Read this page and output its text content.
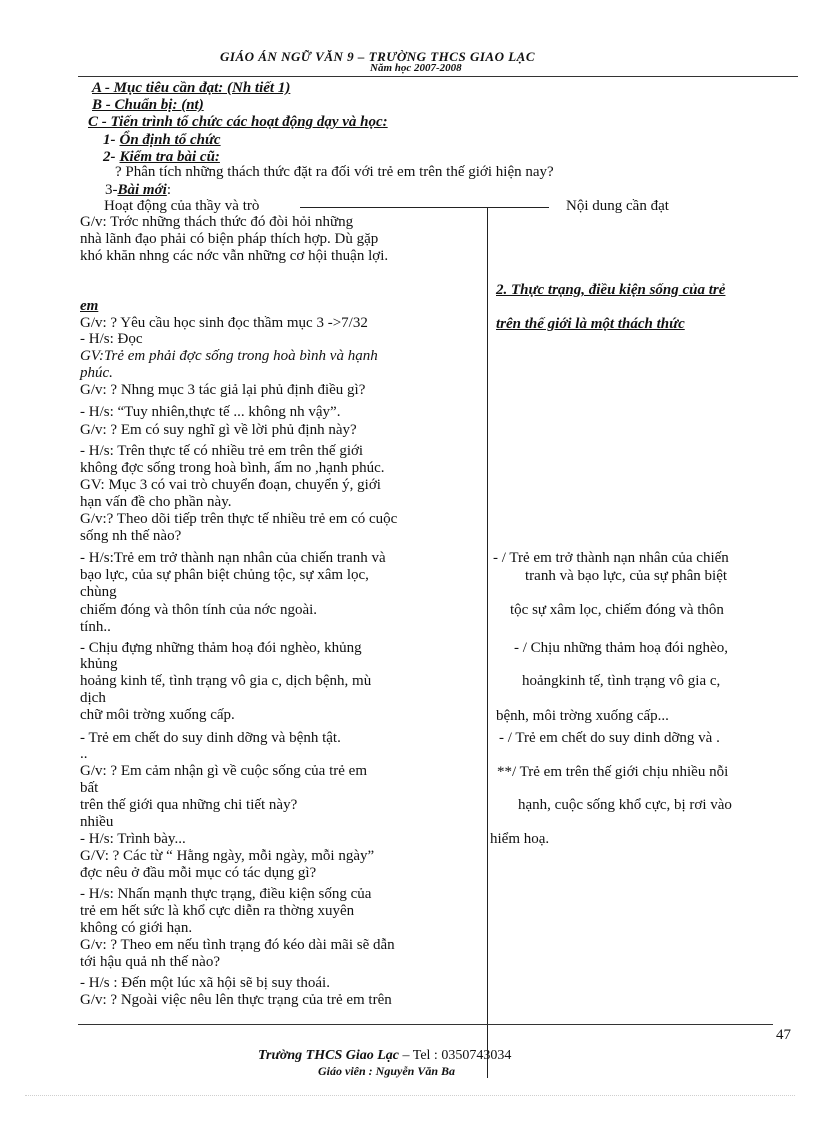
GIÁO ÁN NGỮ VĂN 9 – TRƯỜNG THCS GIAO LẠC
Năm học 2007-2008
A - Mục tiêu cần đạt: (Nh tiết 1)
B - Chuẩn bị: (nt)
C - Tiến trình tổ chức các hoạt động dạy và học:
1- Ổn định tổ chức
2- Kiểm tra bài cũ:
? Phân tích những thách thức đặt ra đối với trẻ em trên thế giới hiện nay?
3-Bài mới:
Hoạt động của thầy và trò	Nội dung cần đạt
G/v: Trớc những thách thức đó đòi hỏi những
nhà lãnh đạo phải có biện pháp thích hợp. Dù gặp
khó khăn nhng các nớc vẫn những cơ hội thuận lợi.
em
G/v: ? Yêu cầu học sinh đọc thầm mục 3 ->7/32
- H/s: Đọc
GV:Trẻ em phải đợc sống trong hoà bình và hạnh
phúc.
G/v: ? Nhng mục 3 tác giả lại phủ định điều gì?
- H/s: “Tuy nhiên,thực tế ... không nh vậy”.
G/v: ? Em có suy nghĩ gì về lời phủ định này?
- H/s: Trên thực tế có nhiều trẻ em trên thế giới
không đợc sống trong hoà bình, ấm no ,hạnh phúc.
GV: Mục 3 có vai trò chuyển đoạn, chuyển ý, giới
hạn vấn đề cho phần này.
G/v:? Theo dõi tiếp trên thực tế nhiều trẻ em có cuộc
sống nh thế nào?
- H/s:Trẻ em trở thành nạn nhân của chiến tranh và
bạo lực, của sự phân biệt chủng tộc, sự xâm lọc,
chùng
chiếm đóng và thôn tính của nớc ngoài.
tính..
- Chịu đựng những thảm hoạ đói nghèo, khủng
khủng
hoảng kinh tế, tình trạng vô gia c, dịch bệnh, mù
dịch
chữ môi trờng xuống cấp.
- Trẻ em chết do suy dinh dỡng và bệnh tật.
..
G/v: ? Em cảm nhận gì về cuộc sống của trẻ em
bất
trên thế giới qua những chi tiết này?
nhiều
- H/s: Trình bày...
G/V: ? Các từ “ Hằng ngày, mỗi ngày, mỗi ngày”
đợc nêu ở đầu mỗi mục có tác dụng gì?
- H/s: Nhấn mạnh thực trạng, điều kiện sống của
trẻ em hết sức là khổ cực diễn ra thờng xuyên
không có giới hạn.
G/v: ? Theo em nếu tình trạng đó kéo dài mãi sẽ dẫn
tới hậu quả nh thế nào?
- H/s : Đến một lúc xã hội sẽ bị suy thoái.
G/v: ? Ngoài việc nêu lên thực trạng của trẻ em trên
2. Thực trạng, điều kiện sống của trẻ
trên thế giới là một thách thức
- / Trẻ em trở thành nạn nhân của chiến
tranh và bạo lực, của sự phân biệt
tộc sự xâm lọc, chiếm đóng và thôn
- / Chịu những thảm hoạ đói nghèo,
hoảngkinh tế, tình trạng vô gia c,
bệnh, môi trờng xuống cấp...
- / Trẻ em chết do suy dinh dỡng và .
**/ Trẻ em trên thế giới chịu nhiều nỗi
hạnh, cuộc sống khổ cực, bị rơi vào
hiểm hoạ.
47
Trường THCS Giao Lạc – Tel : 0350743034
Giáo viên : Nguyễn Văn Ba
